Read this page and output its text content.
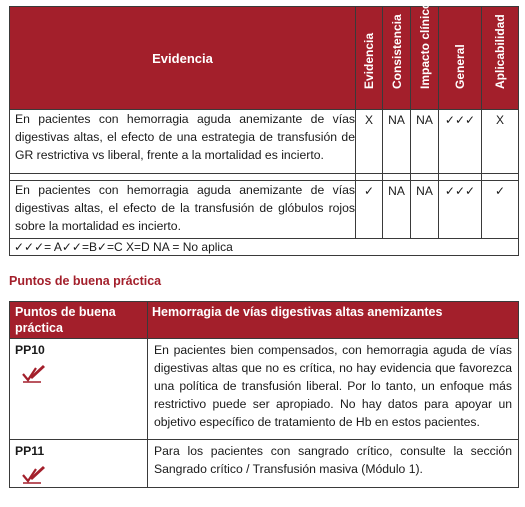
Evidencia	Evidencia	Consistencia	Impacto clínico	General	Aplicabilidad

En pacientes con hemorragia aguda anemizante de vías digestivas altas, el efecto de una estrategia de transfusión de GR restrictiva vs liberal, frente a la mortalidad es incierto.	X	NA	NA	✓✓✓	X

En pacientes con hemorragia aguda anemizante de vías digestivas altas, el efecto de la transfusión de glóbulos rojos sobre la mortalidad es incierto.	✓	NA	NA	✓✓✓	✓
✓✓✓= A✓✓=B✓=C X=D NA = No aplica					
Puntos de buena práctica
Puntos de buena práctica	Hemorragia de vías digestivas altas anemizantes
PP10	En pacientes bien compensados, con hemorragia aguda de vías digestivas altas que no es crítica, no hay evidencia que favorezca una política de transfusión liberal. Por lo tanto, un enfoque más restrictivo puede ser apropiado. No hay datos para apoyar un objetivo específico de tratamiento de Hb en estos pacientes.
PP11	Para los pacientes con sangrado crítico, consulte la sección Sangrado crítico / Transfusión masiva (Módulo 1).
